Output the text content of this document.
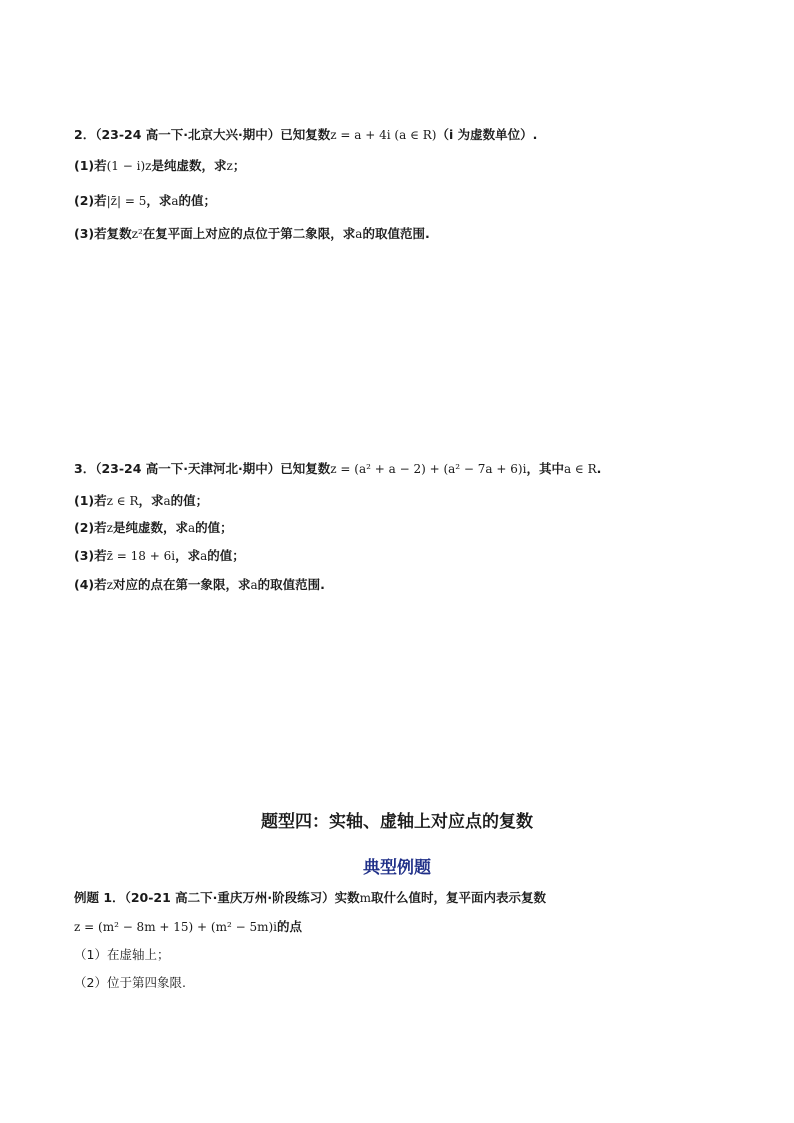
2．（23-24 高一下·北京大兴·期中）已知复数z = a + 4i (a ∈ R)（i 为虚数单位）.
(1)若(1 − i)z是纯虚数，求z；
(2)若|z̄| = 5，求a的值；
(3)若复数z²在复平面上对应的点位于第二象限，求a的取值范围.
3．（23-24 高一下·天津河北·期中）已知复数z = (a² + a − 2) + (a² − 7a + 6)i，其中a ∈ R.
(1)若z ∈ R，求a的值；
(2)若z是纯虚数，求a的值；
(3)若z̄ = 18 + 6i，求a的值；
(4)若z对应的点在第一象限，求a的取值范围.
题型四：实轴、虚轴上对应点的复数
典型例题
例题 1．（20-21 高二下·重庆万州·阶段练习）实数m取什么值时，复平面内表示复数
z = (m² − 8m + 15) + (m² − 5m)i的点
（1）在虚轴上；
（2）位于第四象限.
